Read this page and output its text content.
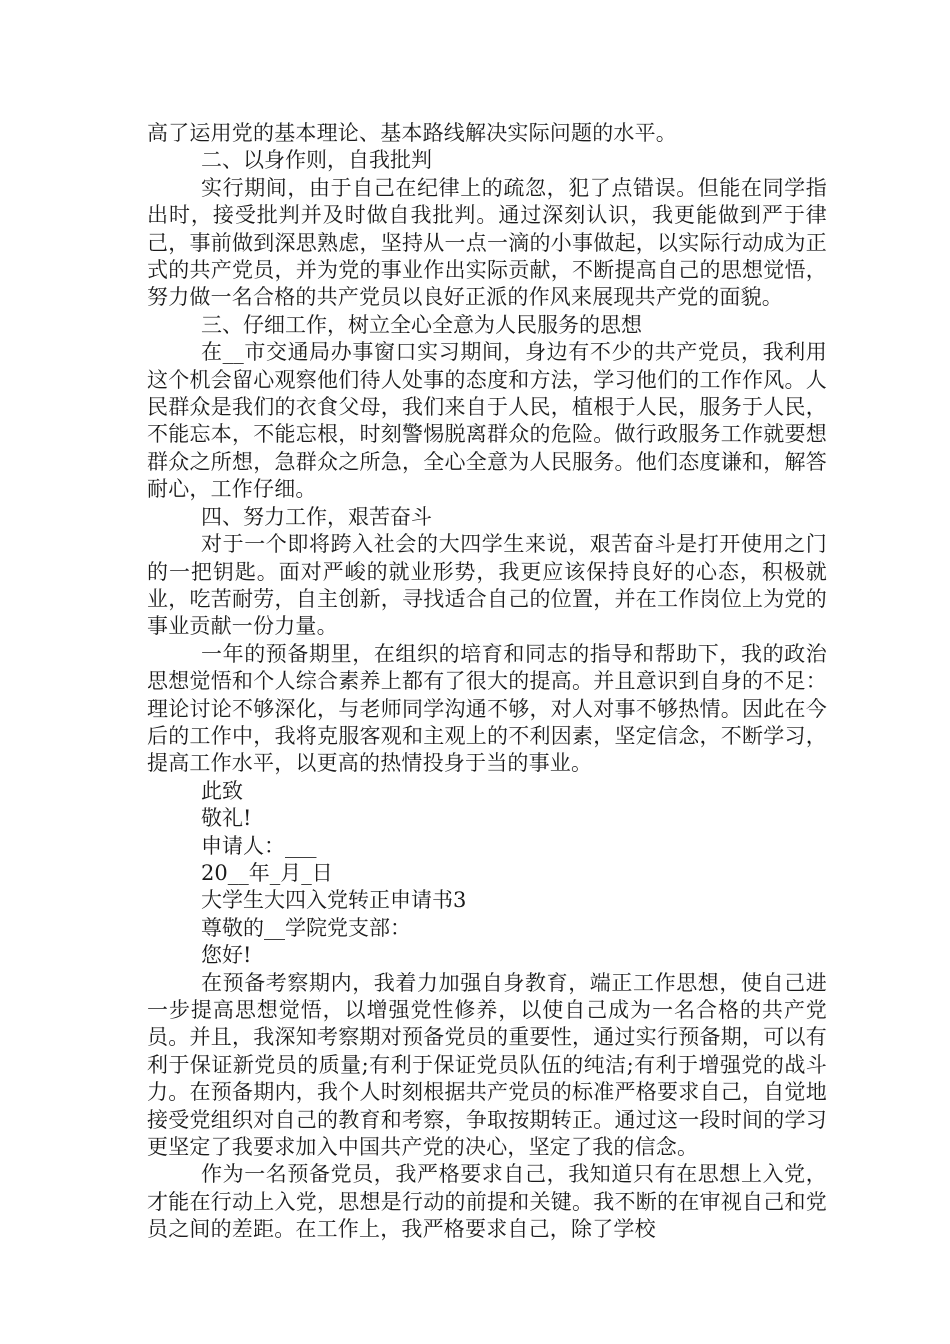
高了运用党的基本理论、基本路线解决实际问题的水平。

二、以身作则，自我批判

实行期间，由于自己在纪律上的疏忽，犯了点错误。但能在同学指出时，接受批判并及时做自我批判。通过深刻认识，我更能做到严于律己，事前做到深思熟虑，坚持从一点一滴的小事做起，以实际行动成为正式的共产党员，并为党的事业作出实际贡献，不断提高自己的思想觉悟，努力做一名合格的共产党员以良好正派的作风来展现共产党的面貌。

三、仔细工作，树立全心全意为人民服务的思想

在__市交通局办事窗口实习期间，身边有不少的共产党员，我利用这个机会留心观察他们待人处事的态度和方法，学习他们的工作作风。人民群众是我们的衣食父母，我们来自于人民，植根于人民，服务于人民，不能忘本，不能忘根，时刻警惕脱离群众的危险。做行政服务工作就要想群众之所想，急群众之所急，全心全意为人民服务。他们态度谦和，解答耐心，工作仔细。

四、努力工作，艰苦奋斗

对于一个即将跨入社会的大四学生来说，艰苦奋斗是打开使用之门的一把钥匙。面对严峻的就业形势，我更应该保持良好的心态，积极就业，吃苦耐劳，自主创新，寻找适合自己的位置，并在工作岗位上为党的事业贡献一份力量。

一年的预备期里，在组织的培育和同志的指导和帮助下，我的政治思想觉悟和个人综合素养上都有了很大的提高。并且意识到自身的不足：理论讨论不够深化，与老师同学沟通不够，对人对事不够热情。因此在今后的工作中，我将克服客观和主观上的不利因素，坚定信念，不断学习，提高工作水平，以更高的热情投身于当的事业。

此致

敬礼!

申请人：___

20__年_月_日

大学生大四入党转正申请书3

尊敬的__学院党支部：

您好!

在预备考察期内，我着力加强自身教育，端正工作思想，使自己进一步提高思想觉悟，以增强党性修养，以使自己成为一名合格的共产党员。并且，我深知考察期对预备党员的重要性，通过实行预备期，可以有利于保证新党员的质量;有利于保证党员队伍的纯洁;有利于增强党的战斗力。在预备期内，我个人时刻根据共产党员的标准严格要求自己，自觉地接受党组织对自己的教育和考察，争取按期转正。通过这一段时间的学习更坚定了我要求加入中国共产党的决心，坚定了我的信念。

作为一名预备党员，我严格要求自己，我知道只有在思想上入党，才能在行动上入党，思想是行动的前提和关键。我不断的在审视自己和党员之间的差距。在工作上，我严格要求自己，除了学校
